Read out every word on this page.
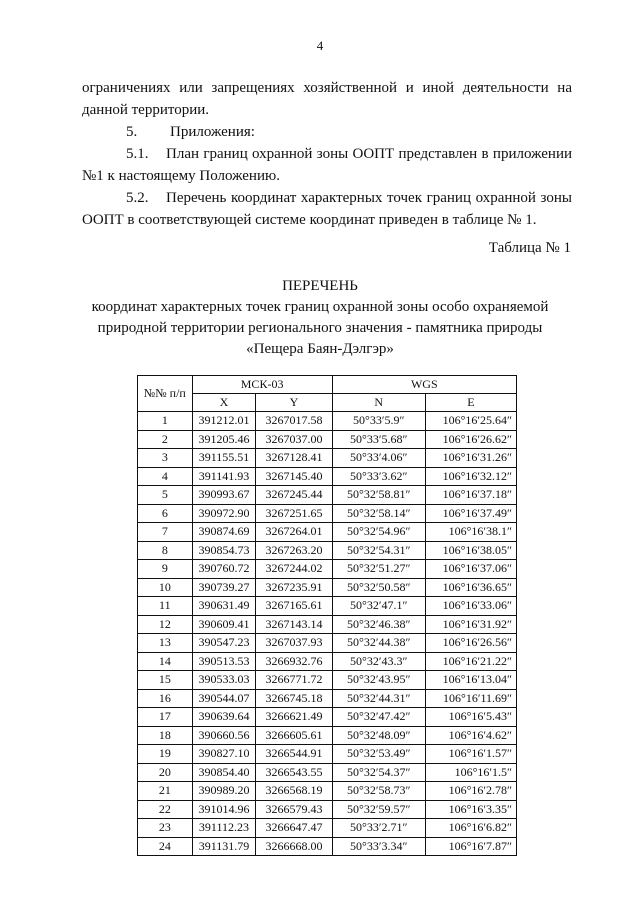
4
ограничениях или запрещениях хозяйственной и иной деятельности на
данной территории.
5. Приложения:
5.1. План границ охранной зоны ООПТ представлен в приложении
№1 к настоящему Положению.
5.2. Перечень координат характерных точек границ охранной зоны
ООПТ в соответствующей системе координат приведен в таблице № 1.
Таблица № 1
ПЕРЕЧЕНЬ
координат характерных точек границ охранной зоны особо охраняемой
природной территории регионального значения - памятника природы
«Пещера Баян-Дэлгэр»
№№ п/п	МСК-03		WGS	
	X	Y	N	E
1	391212.01	3267017.58	50°33′5.9″	106°16′25.64″
2	391205.46	3267037.00	50°33′5.68″	106°16′26.62″
3	391155.51	3267128.41	50°33′4.06″	106°16′31.26″
4	391141.93	3267145.40	50°33′3.62″	106°16′32.12″
5	390993.67	3267245.44	50°32′58.81″	106°16′37.18″
6	390972.90	3267251.65	50°32′58.14″	106°16′37.49″
7	390874.69	3267264.01	50°32′54.96″	106°16′38.1″
8	390854.73	3267263.20	50°32′54.31″	106°16′38.05″
9	390760.72	3267244.02	50°32′51.27″	106°16′37.06″
10	390739.27	3267235.91	50°32′50.58″	106°16′36.65″
11	390631.49	3267165.61	50°32′47.1″	106°16′33.06″
12	390609.41	3267143.14	50°32′46.38″	106°16′31.92″
13	390547.23	3267037.93	50°32′44.38″	106°16′26.56″
14	390513.53	3266932.76	50°32′43.3″	106°16′21.22″
15	390533.03	3266771.72	50°32′43.95″	106°16′13.04″
16	390544.07	3266745.18	50°32′44.31″	106°16′11.69″
17	390639.64	3266621.49	50°32′47.42″	106°16′5.43″
18	390660.56	3266605.61	50°32′48.09″	106°16′4.62″
19	390827.10	3266544.91	50°32′53.49″	106°16′1.57″
20	390854.40	3266543.55	50°32′54.37″	106°16′1.5″
21	390989.20	3266568.19	50°32′58.73″	106°16′2.78″
22	391014.96	3266579.43	50°32′59.57″	106°16′3.35″
23	391112.23	3266647.47	50°33′2.71″	106°16′6.82″
24	391131.79	3266668.00	50°33′3.34″	106°16′7.87″
